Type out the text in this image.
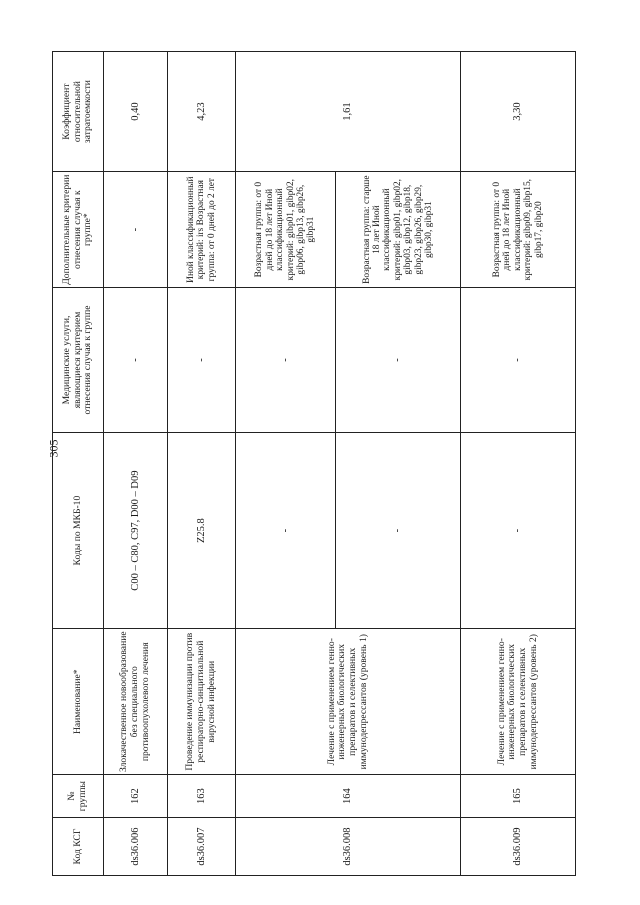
305
Код КСГ	№ группы	Наименование*	Коды по МКБ-10	Медицинские услуги, являющиеся критерием отнесения случая к группе	Дополнительные критерии отнесения случая к группе*	Коэффициент относительной затратоемкости
ds36.006	162	Злокачественное новообразование без специального противоопухолевого лечения	C00 – C80, C97, D00 – D09	-	-	0,40
ds36.007	163	Проведение иммунизации против респираторно-синцитиальной вирусной инфекции	Z25.8	-	Иной классификационный критерий: irs Возрастная группа: от 0 дней до 2 лет	4,23
ds36.008	164	Лечение с применением генно-инженерных биологических препаратов и селективных иммунодепрессантов (уровень 1)	-	-	Возрастная группа: от 0 дней до 18 лет Иной классификационный критерий: gibp01, gibp02, gibp06, gibp13, gibp26, gibp31	1,61
			-	-	Возрастная группа: старше 18 лет Иной классификационный критерий: gibp01, gibp02, gibp03, gibp12, gibp18, gibp23, gibp26, gibp29, gibp30, gibp31	
ds36.009	165	Лечение с применением генно-инженерных биологических препаратов и селективных иммунодепрессантов (уровень 2)	-	-	Возрастная группа: от 0 дней до 18 лет Иной классификационный критерий: gibp09, gibp15, gibp17, gibp20	3,30
